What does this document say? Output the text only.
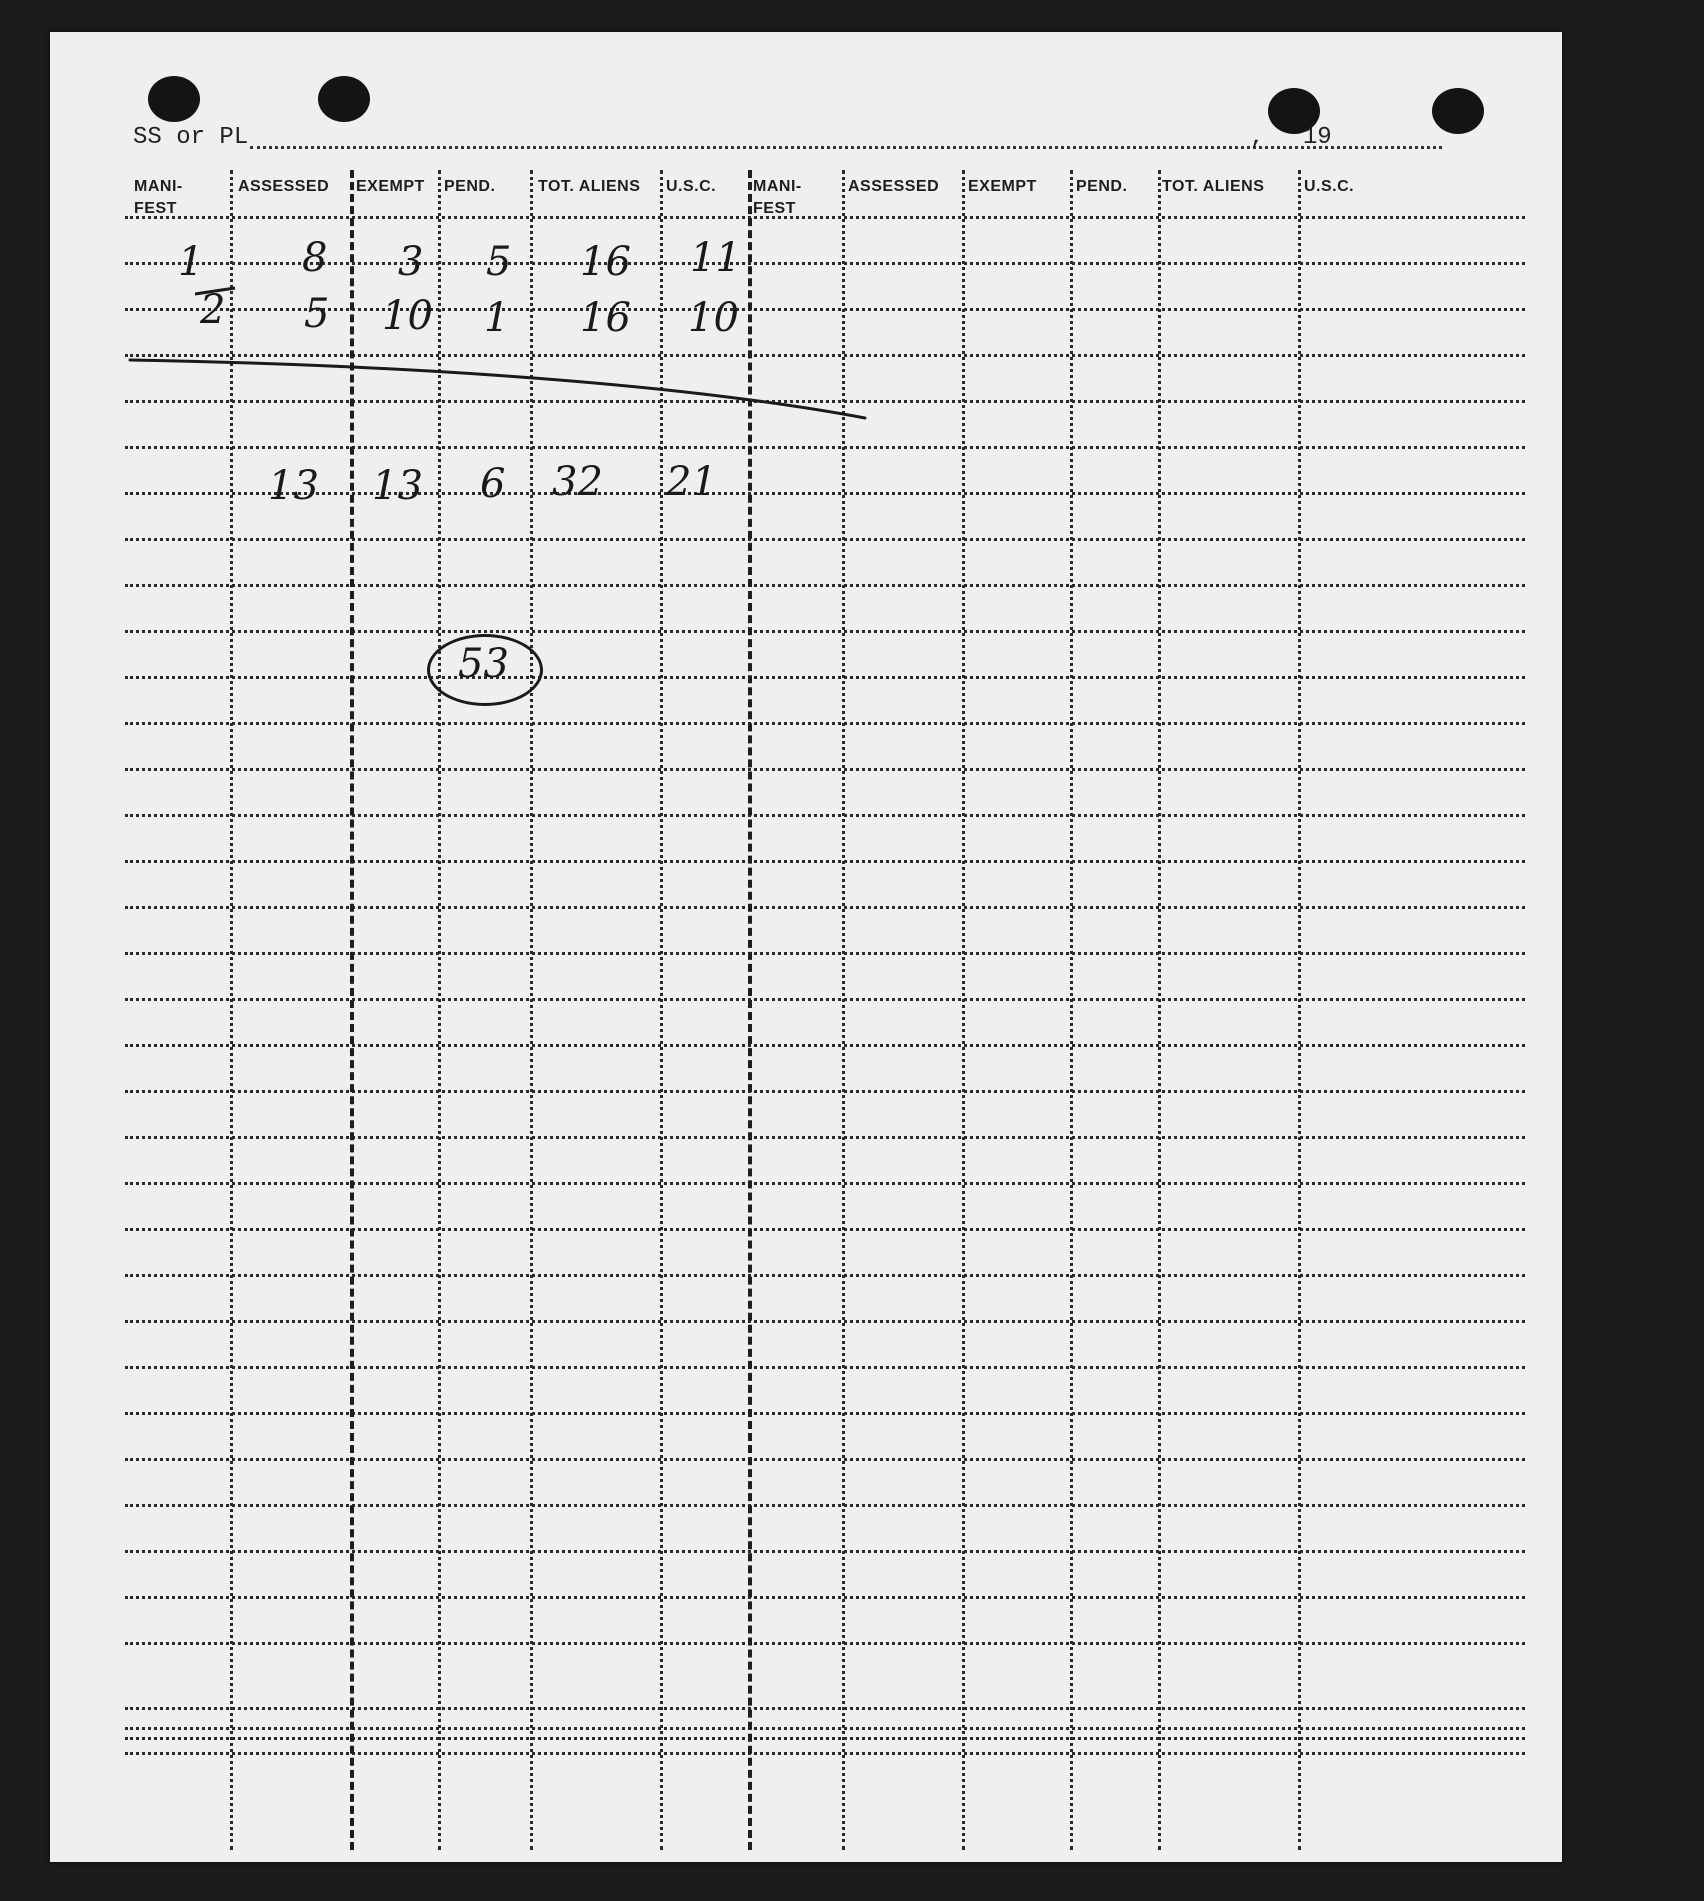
SS or PL	, 19
MANI-
FEST
ASSESSED EXEMPT PEND.	TOT. ALIENS U.S.C. MANI-
FEST
ASSESSED EXEMPT PEND. TOT. ALIENS U.S.C.
1 8 3 5 16 11
2 5 10 1 16 10
13 13 6 32 21
53
